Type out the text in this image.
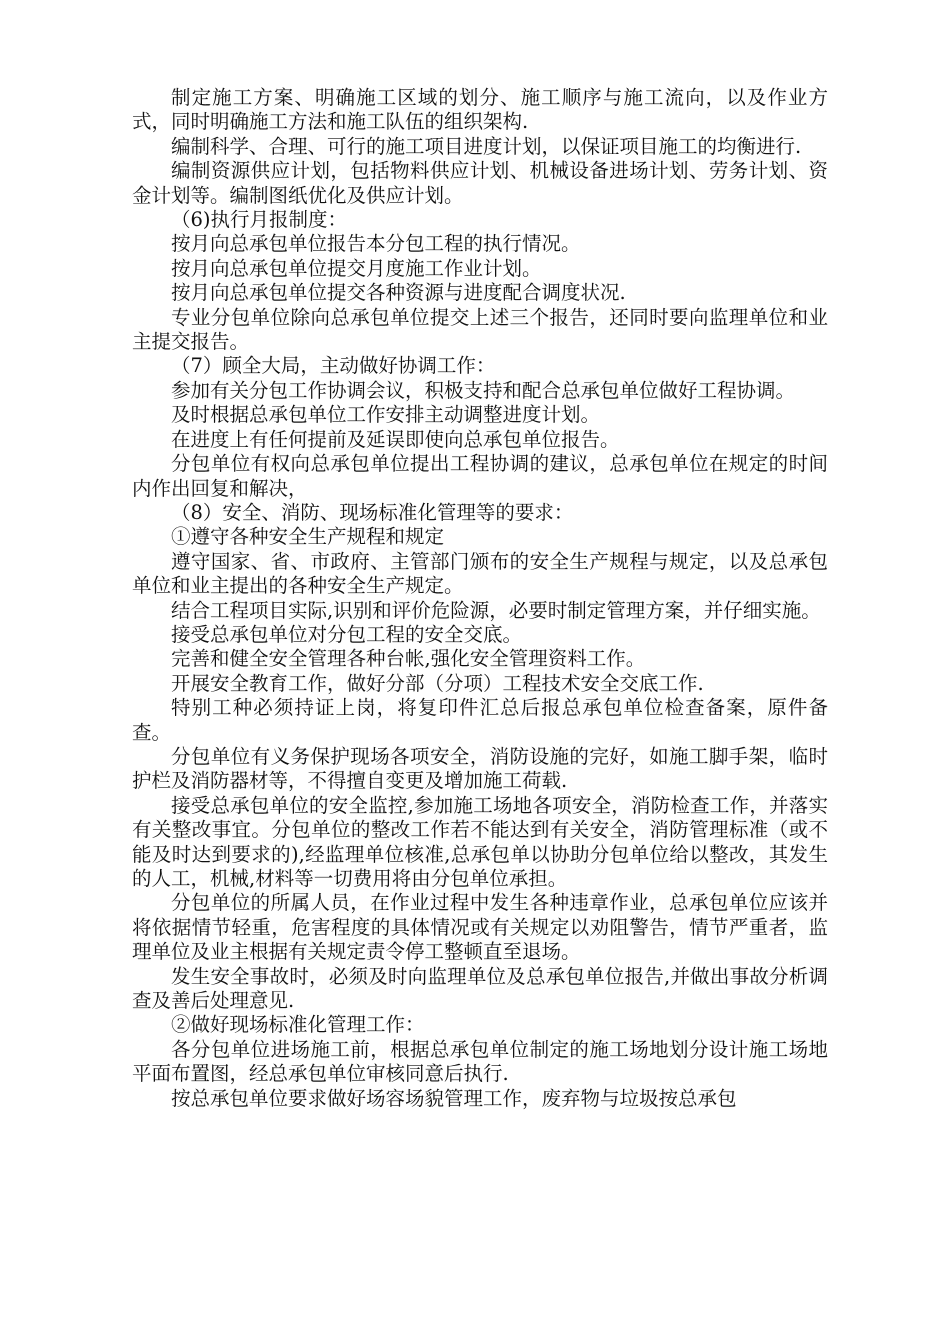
制定施工方案、明确施工区域的划分、施工顺序与施工流向，以及作业方式，同时明确施工方法和施工队伍的组织架构.

编制科学、合理、可行的施工项目进度计划，以保证项目施工的均衡进行.

编制资源供应计划，包括物料供应计划、机械设备进场计划、劳务计划、资金计划等。编制图纸优化及供应计划。

（6)执行月报制度：

按月向总承包单位报告本分包工程的执行情况。

按月向总承包单位提交月度施工作业计划。

按月向总承包单位提交各种资源与进度配合调度状况.

专业分包单位除向总承包单位提交上述三个报告，还同时要向监理单位和业主提交报告。

（7）顾全大局，主动做好协调工作：

参加有关分包工作协调会议，积极支持和配合总承包单位做好工程协调。

及时根据总承包单位工作安排主动调整进度计划。

在进度上有任何提前及延误即使向总承包单位报告。

分包单位有权向总承包单位提出工程协调的建议，总承包单位在规定的时间内作出回复和解决，

（8）安全、消防、现场标准化管理等的要求：

①遵守各种安全生产规程和规定

遵守国家、省、市政府、主管部门颁布的安全生产规程与规定，以及总承包单位和业主提出的各种安全生产规定。

结合工程项目实际,识别和评价危险源，必要时制定管理方案，并仔细实施。

接受总承包单位对分包工程的安全交底。

完善和健全安全管理各种台帐,强化安全管理资料工作。

开展安全教育工作，做好分部（分项）工程技术安全交底工作.

特别工种必须持证上岗，将复印件汇总后报总承包单位检查备案，原件备查。

分包单位有义务保护现场各项安全，消防设施的完好，如施工脚手架，临时护栏及消防器材等，不得擅自变更及增加施工荷载.

接受总承包单位的安全监控,参加施工场地各项安全，消防检查工作，并落实有关整改事宜。分包单位的整改工作若不能达到有关安全，消防管理标准（或不能及时达到要求的),经监理单位核准,总承包单以协助分包单位给以整改，其发生的人工，机械,材料等一切费用将由分包单位承担。

分包单位的所属人员，在作业过程中发生各种违章作业，总承包单位应该并将依据情节轻重，危害程度的具体情况或有关规定以劝阻警告，情节严重者，监理单位及业主根据有关规定责令停工整顿直至退场。

发生安全事故时，必须及时向监理单位及总承包单位报告,并做出事故分析调查及善后处理意见.

②做好现场标准化管理工作：

各分包单位进场施工前，根据总承包单位制定的施工场地划分设计施工场地平面布置图，经总承包单位审核同意后执行.

按总承包单位要求做好场容场貌管理工作，废弃物与垃圾按总承包
